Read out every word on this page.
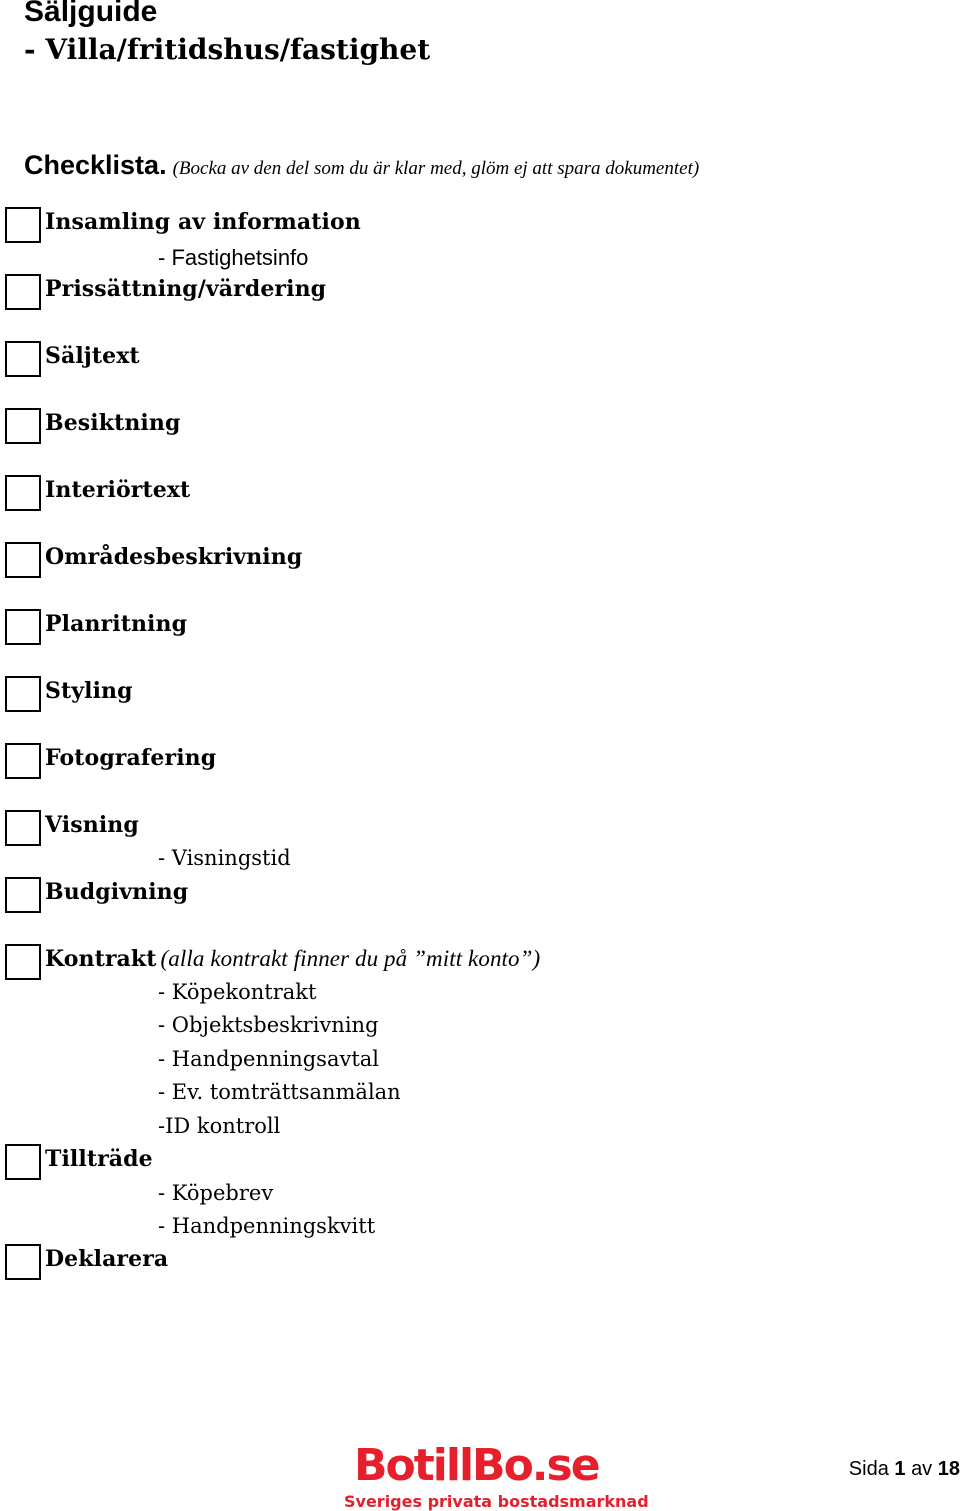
Säljguide
- Villa/fritidshus/fastighet
Checklista. (Bocka av den del som du är klar med, glöm ej att spara dokumentet)
Insamling av information
- Fastighetsinfo
Prissättning/värdering
Säljtext
Besiktning
Interiörtext
Områdesbeskrivning
Planritning
Styling
Fotografering
Visning
- Visningstid
Budgivning
Kontrakt (alla kontrakt finner du på ”mitt konto”)
- Köpekontrakt
- Objektsbeskrivning
- Handpenningsavtal
- Ev. tomträttsanmälan
-ID kontroll
Tillträde
- Köpebrev
- Handpenningskvitt
Deklarera
BotillBo.se
Sveriges privata bostadsmarknad
Sida 1 av 18
